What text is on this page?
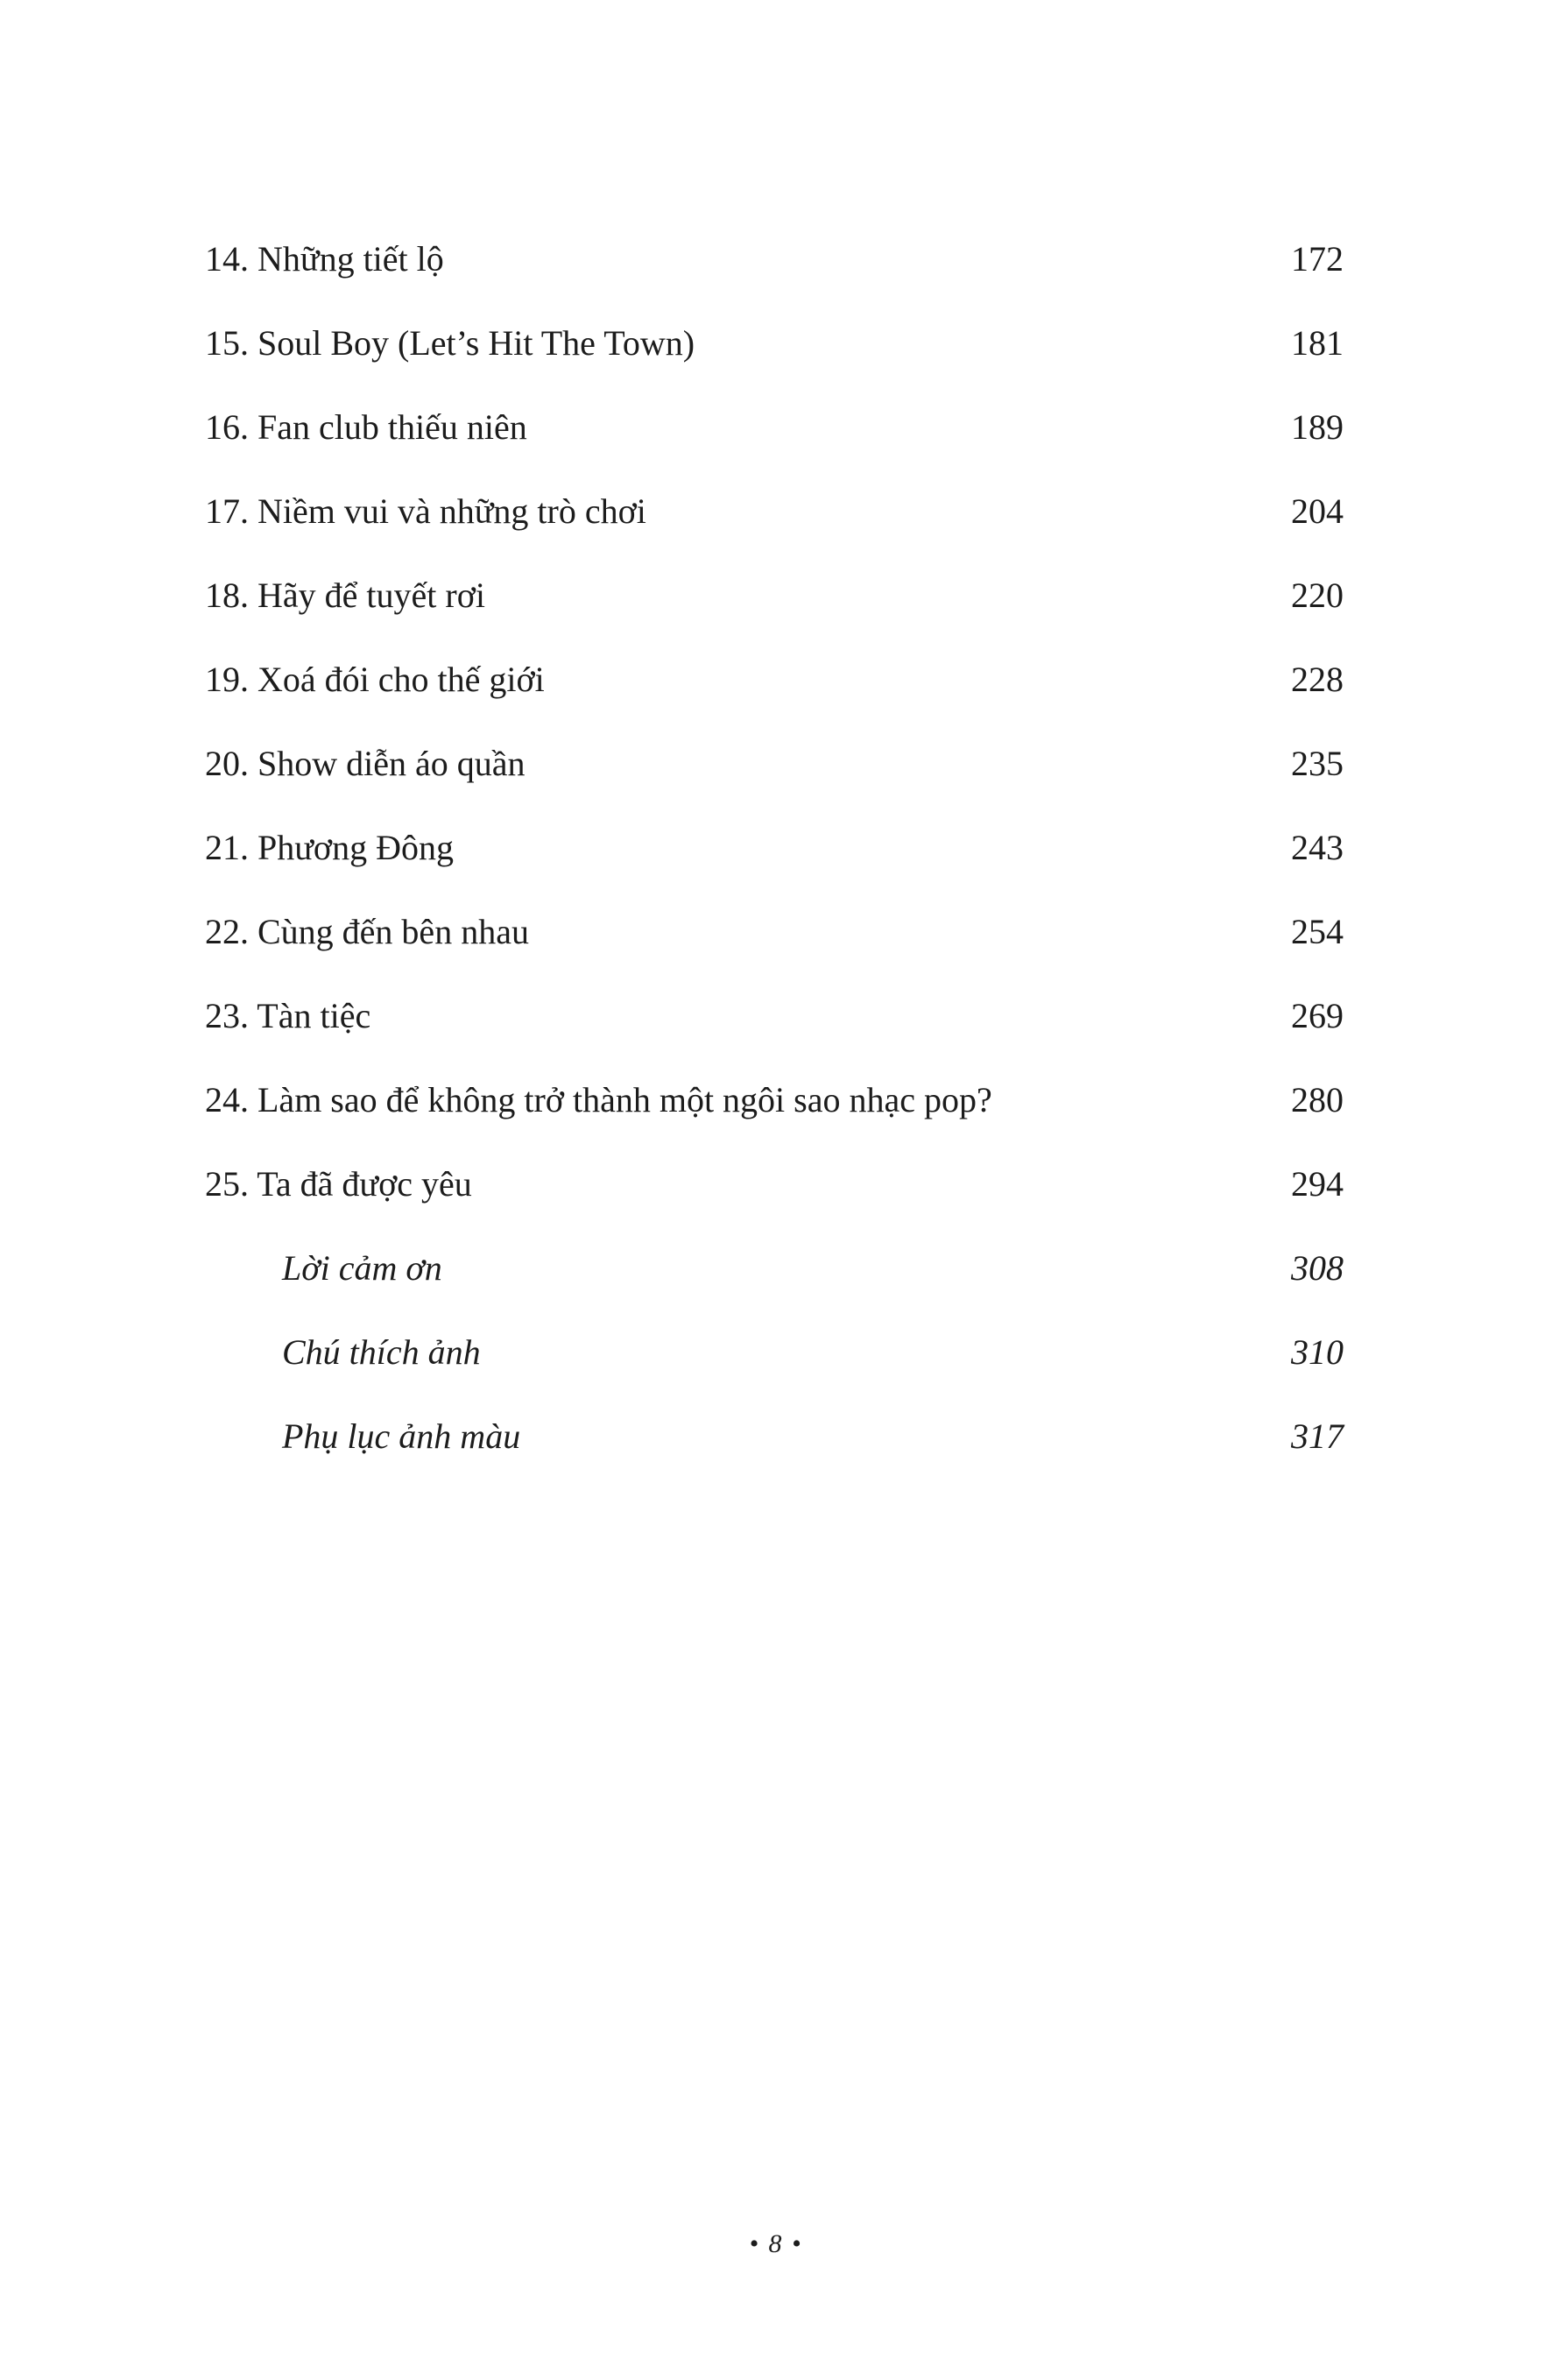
14. Những tiết lộ	172
15. Soul Boy (Let’s Hit The Town)	181
16. Fan club thiếu niên	189
17. Niềm vui và những trò chơi	204
18. Hãy để tuyết rơi	220
19. Xoá đói cho thế giới	228
20. Show diễn áo quần	235
21. Phương Đông	243
22. Cùng đến bên nhau	254
23. Tàn tiệc	269
24. Làm sao để không trở thành một ngôi sao nhạc pop?	280
25. Ta đã được yêu	294
Lời cảm ơn	308
Chú thích ảnh	310
Phụ lục ảnh màu	317
• 8 •
